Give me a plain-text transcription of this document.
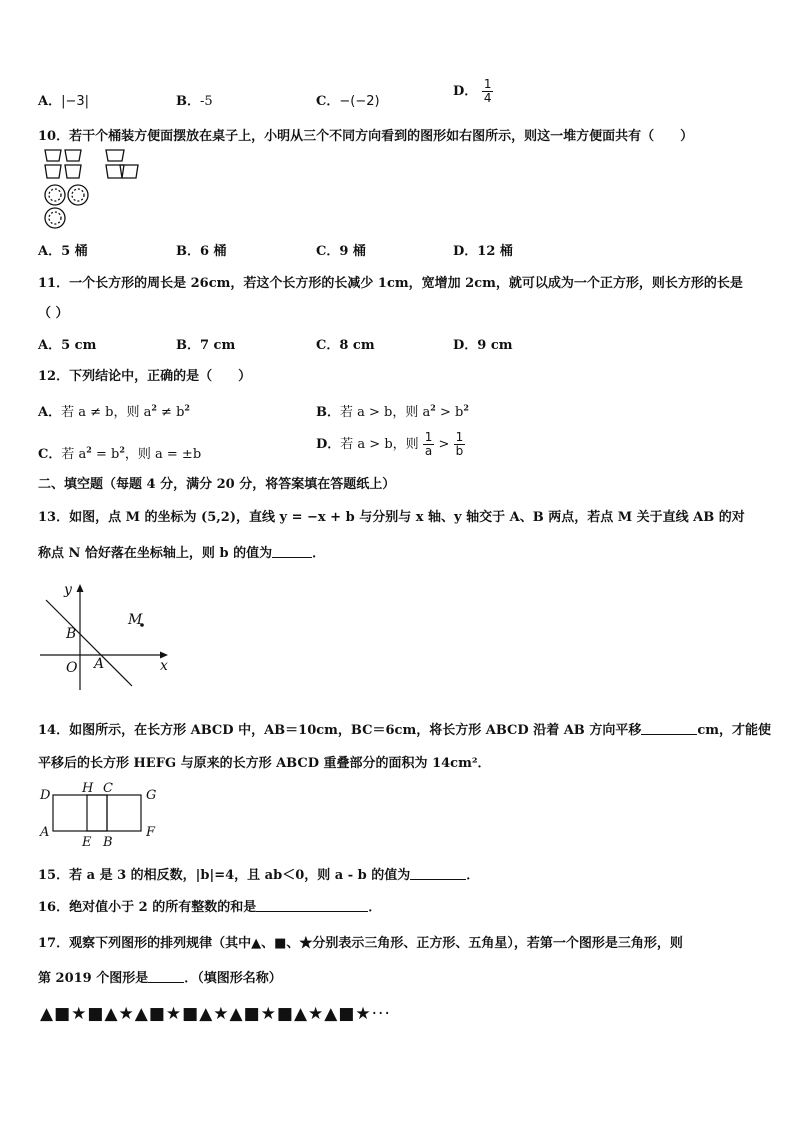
A．|−3|	B．-5	C．−(−2)
D． $\frac{1}{4}$
10．若干个桶装方便面摆放在桌子上，小明从三个不同方向看到的图形如右图所示，则这一堆方便面共有（　　）
A．5 桶	B．6 桶	C．9 桶	D．12 桶
11．一个长方形的周长是 26cm，若这个长方形的长减少 1cm，宽增加 2cm，就可以成为一个正方形，则长方形的长是
（ ）
A．5 cm	B．7 cm	C．8 cm	D．9 cm
12．下列结论中，正确的是（　　）
A．若 a ≠ b，则 $a^2 \ne b^2$	B．若 a > b，则 $a^2 > b^2$
C．若 $a^2 = b^2$，则 a = ±b
D．若 a > b，则 $\frac{1}{a} > \frac{1}{b}$
二、填空题（每题 4 分，满分 20 分，将答案填在答题纸上）
13．如图，点 M 的坐标为 (5,2)，直线 y = −x + b 与分别与 x 轴、y 轴交于 A、B 两点，若点 M 关于直线 AB 的对
称点 N 恰好落在坐标轴上，则 b 的值为	．
y
x
B
O A
M
14．如图所示，在长方形 ABCD 中，AB＝10cm，BC＝6cm，将长方形 ABCD 沿着 AB 方向平移	cm，才能使
平移后的长方形 HEFG 与原来的长方形 ABCD 重叠部分的面积为 14cm²．
D H C	G
A
E B
F
15．若 a 是 3 的相反数，|b|=4，且 ab＜0，则 a - b 的值为	．
16．绝对值小于 2 的所有整数的和是	．
17．观察下列图形的排列规律（其中▲、■、★分别表示三角形、正方形、五角星），若第一个图形是三角形，则
第 2019 个图形是	．（填图形名称）
▲■★■▲★▲■★■▲★▲■★■▲★▲■★···
